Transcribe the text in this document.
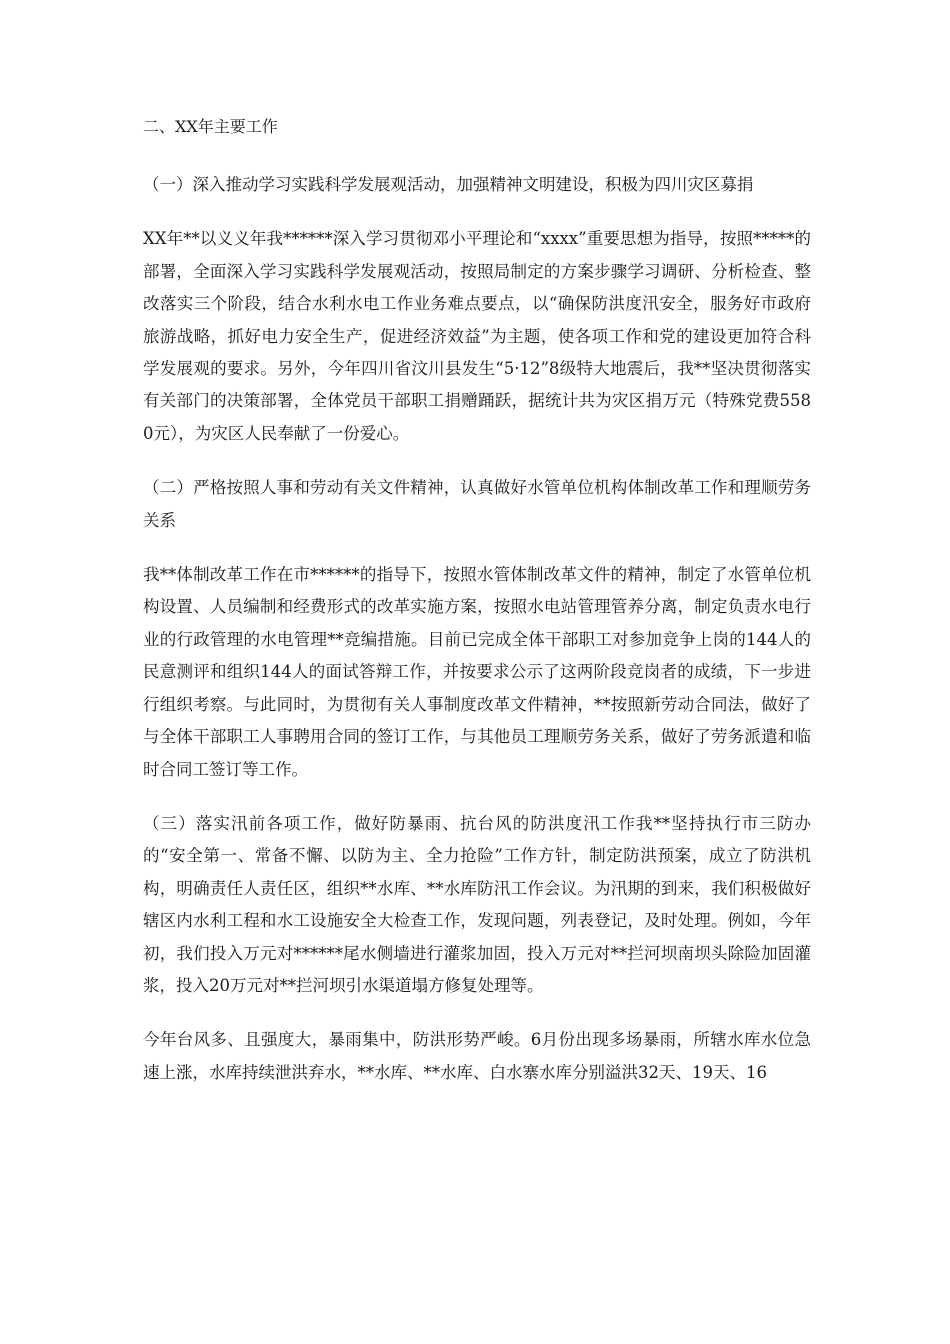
二、XX年主要工作

（一）深入推动学习实践科学发展观活动，加强精神文明建设，积极为四川灾区募捐

XX年**以义义年我******深入学习贯彻邓小平理论和“xxxx”重要思想为指导，按照*****的部署，全面深入学习实践科学发展观活动，按照局制定的方案步骤学习调研、分析检查、整改落实三个阶段，结合水利水电工作业务难点要点，以“确保防洪度汛安全，服务好市政府旅游战略，抓好电力安全生产，促进经济效益”为主题，使各项工作和党的建设更加符合科学发展观的要求。另外，今年四川省汶川县发生“5·12”8级特大地震后，我**坚决贯彻落实有关部门的决策部署，全体党员干部职工捐赠踊跃，据统计共为灾区捐万元（特殊党费5580元），为灾区人民奉献了一份爱心。

（二）严格按照人事和劳动有关文件精神，认真做好水管单位机构体制改革工作和理顺劳务关系

我**体制改革工作在市******的指导下，按照水管体制改革文件的精神，制定了水管单位机构设置、人员编制和经费形式的改革实施方案，按照水电站管理管养分离，制定负责水电行业的行政管理的水电管理**竞编措施。目前已完成全体干部职工对参加竞争上岗的144人的民意测评和组织144人的面试答辩工作，并按要求公示了这两阶段竞岗者的成绩，下一步进行组织考察。与此同时，为贯彻有关人事制度改革文件精神，**按照新劳动合同法，做好了与全体干部职工人事聘用合同的签订工作，与其他员工理顺劳务关系，做好了劳务派遣和临时合同工签订等工作。

（三）落实汛前各项工作，做好防暴雨、抗台风的防洪度汛工作我**坚持执行市三防办的“安全第一、常备不懈、以防为主、全力抢险”工作方针，制定防洪预案，成立了防洪机构，明确责任人责任区，组织**水库、**水库防汛工作会议。为汛期的到来，我们积极做好辖区内水利工程和水工设施安全大检查工作，发现问题，列表登记，及时处理。例如，今年初，我们投入万元对******尾水侧墙进行灌浆加固，投入万元对**拦河坝南坝头除险加固灌浆，投入20万元对**拦河坝引水渠道塌方修复处理等。

今年台风多、且强度大，暴雨集中，防洪形势严峻。6月份出现多场暴雨，所辖水库水位急速上涨，水库持续泄洪弃水，**水库、**水库、白水寨水库分别溢洪32天、19天、16
